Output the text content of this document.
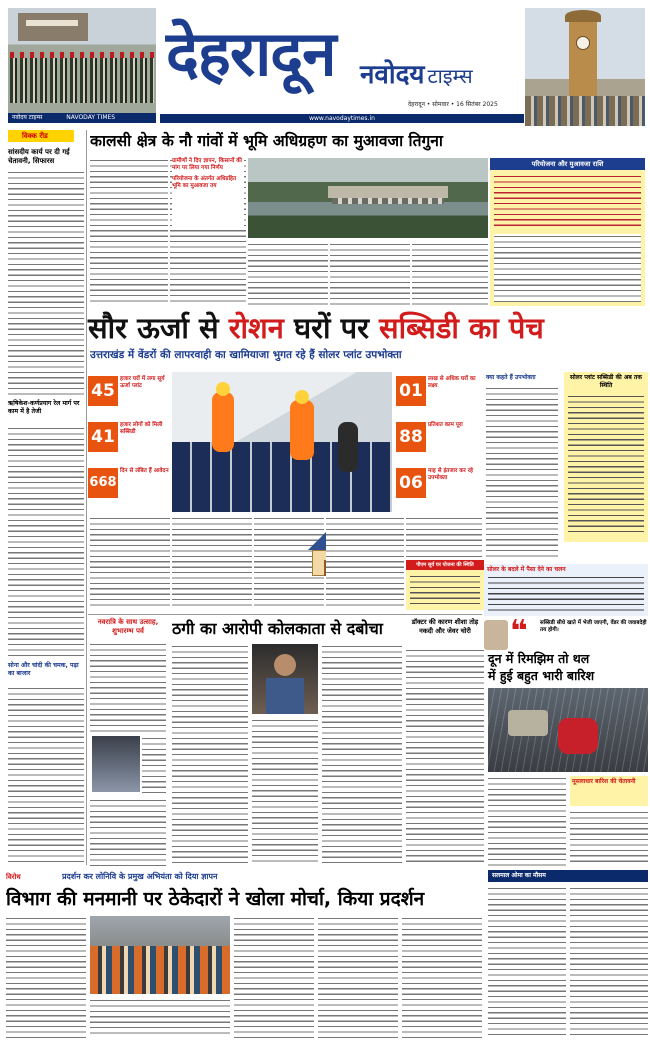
नवोदय टाइम्स	NAVODAY TIMES
देहरादून नवोदय टाइम्स
देहरादून • सोमवार • 16 सितंबर 2025
www.navodaytimes.in
विक्क रीड
सांसदीय कार्य पर दी गई चेतावनी, सिफारस
ऋषिकेश-कर्णप्रयाग रेल मार्ग पर काम में है तेजी
सोना और चांदी की चमक, पढ़ा का बाजार
कालसी क्षेत्र के नौ गांवों में भूमि अधिग्रहण का मुआवजा तिगुना
ग्रामीणों ने दिए ज्ञापन, किसानों की मांग पर लिया गया निर्णय
परियोजना के अंतर्गत अधिग्रहित भूमि का मुआवजा तय
परियोजना और मुआवजा राशि
सौर ऊर्जा से रोशन घरों पर सब्सिडी का पेच
उत्तराखंड में वेंडरों की लापरवाही का खामियाजा भुगत रहे हैं सोलर प्लांट उपभोक्ता
45
हजार घरों में लगा सूर्य ऊर्जा प्लांट
41
हजार लोगों को मिली सब्सिडी
668
दिन से लंबित हैं आवेदन
01
लाख से अधिक घरों का लक्ष्य
88
प्रतिशत काम पूरा
06
माह से इंतजार कर रहे उपभोक्ता
पीएम सूर्य घर योजना की स्थिति
क्या कहते हैं उपभोक्ता	सोलर प्लांट सब्सिडी की अब तक स्थिति
सोलर के बदले में पैसा देने का चलन
❝ सब्सिडी सीधे खाते में भेजी जाएगी, वेंडर की जवाबदेही तय होगी।
नवरात्रि के साथ उत्साह, शुभारम्भ पर्व	ठगी का आरोपी कोलकाता से दबोचा	डॉक्टर की कारण शीशा तोड़ नकदी और जेवर चोरी
दून में रिमझिम तो थल
में हुई बहुत भारी बारिश
मूसलाधार बारिश की चेतावनी
विरोध	प्रदर्शन कर लोनिवि के प्रमुख अभियंता को दिया ज्ञापन
विभाग की मनमानी पर ठेकेदारों ने खोला मोर्चा, किया प्रदर्शन
सलमाल ओमा का मौसम
